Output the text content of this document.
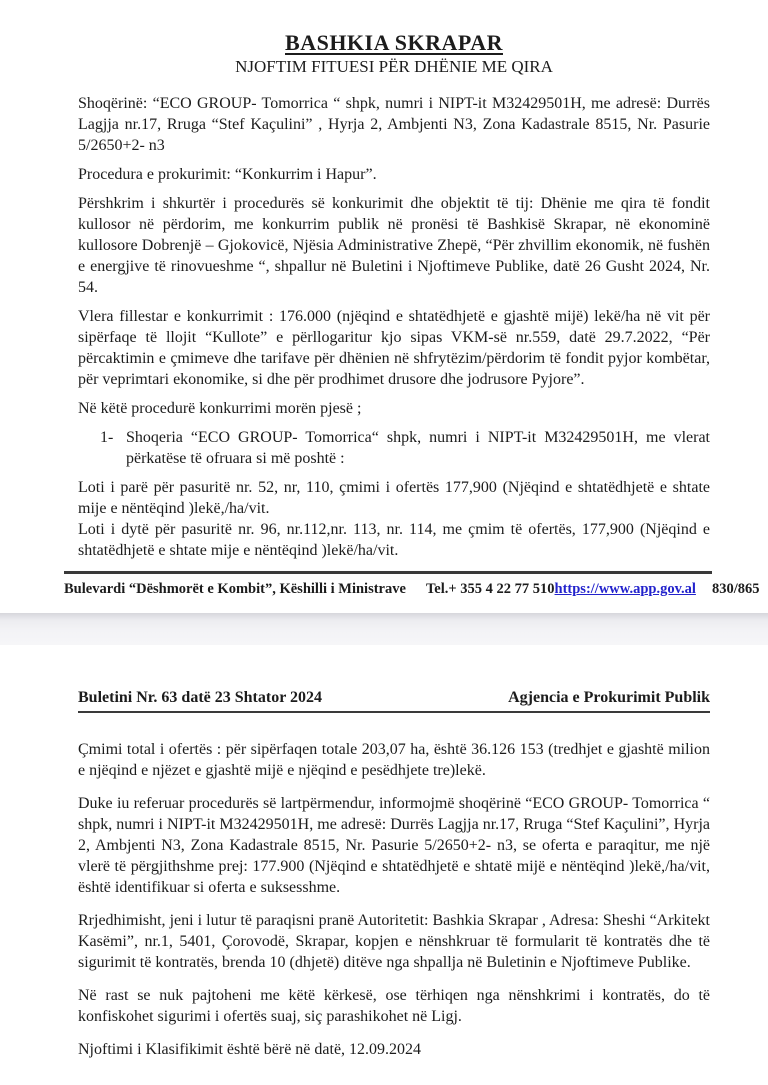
BASHKIA SKRAPAR
NJOFTIM FITUESI PËR DHËNIE ME QIRA

Shoqërinë: “ECO GROUP- Tomorrica “ shpk, numri i NIPT-it M32429501H, me adresë: Durrës Lagjja nr.17, Rruga “Stef Kaçulini” , Hyrja 2, Ambjenti N3, Zona Kadastrale 8515, Nr. Pasurie 5/2650+2- n3

Procedura e prokurimit: “Konkurrim i Hapur”.

Përshkrim i shkurtër i procedurës së konkurimit dhe objektit të tij: Dhënie me qira të fondit kullosor në përdorim, me konkurrim publik në pronësi të Bashkisë Skrapar, në ekonominë kullosore Dobrenjë – Gjokovicë, Njësia Administrative Zhepë, “Për zhvillim ekonomik, në fushën e energjive të rinovueshme “, shpallur në Buletini i Njoftimeve Publike, datë 26 Gusht 2024, Nr. 54.

Vlera fillestar e konkurrimit : 176.000 (njëqind e shtatëdhjetë e gjashtë mijë) lekë/ha në vit për sipërfaqe të llojit “Kullote” e përllogaritur kjo sipas VKM-së nr.559, datë 29.7.2022, “Për përcaktimin e çmimeve dhe tarifave për dhënien në shfrytëzim/përdorim të fondit pyjor kombëtar, për veprimtari ekonomike, si dhe për prodhimet drusore dhe jodrusore Pyjore”.

Në këtë procedurë konkurrimi morën pjesë ;

1- Shoqeria “ECO GROUP- Tomorrica“ shpk, numri i NIPT-it M32429501H, me vlerat përkatëse të ofruara si më poshtë :

Loti i parë për pasuritë nr. 52, nr, 110, çmimi i ofertës 177,900 (Njëqind e shtatëdhjetë e shtate mije e nëntëqind )lekë,/ha/vit.

Loti i dytë për pasuritë nr. 96, nr.112,nr. 113, nr. 114, me çmim të ofertës, 177,900 (Njëqind e shtatëdhjetë e shtate mije e nëntëqind )lekë/ha/vit.

Bulevardi “Dëshmorët e Kombit”, Këshilli i Ministrave Tel.+ 355 4 22 77 510 https://www.app.gov.al 830/865
Buletini Nr. 63 datë 23 Shtator 2024	Agjencia e Prokurimit Publik

Çmimi total i ofertës : për sipërfaqen totale 203,07 ha, është 36.126 153 (tredhjet e gjashtë milion e njëqind e njëzet e gjashtë mijë e njëqind e pesëdhjete tre)lekë.

Duke iu referuar procedurës së lartpërmendur, informojmë shoqërinë “ECO GROUP- Tomorrica “ shpk, numri i NIPT-it M32429501H, me adresë: Durrës Lagjja nr.17, Rruga “Stef Kaçulini”, Hyrja 2, Ambjenti N3, Zona Kadastrale 8515, Nr. Pasurie 5/2650+2- n3, se oferta e paraqitur, me një vlerë të përgjithshme prej: 177.900 (Njëqind e shtatëdhjetë e shtatë mijë e nëntëqind )lekë,/ha/vit, është identifikuar si oferta e suksesshme.

Rrjedhimisht, jeni i lutur të paraqisni pranë Autoritetit: Bashkia Skrapar , Adresa: Sheshi “Arkitekt Kasëmi”, nr.1, 5401, Çorovodë, Skrapar, kopjen e nënshkruar të formularit të kontratës dhe të sigurimit të kontratës, brenda 10 (dhjetë) ditëve nga shpallja në Buletinin e Njoftimeve Publike.

Në rast se nuk pajtoheni me këtë kërkesë, ose tërhiqen nga nënshkrimi i kontratës, do të konfiskohet sigurimi i ofertës suaj, siç parashikohet në Ligj.

Njoftimi i Klasifikimit është bërë në datë, 12.09.2024
